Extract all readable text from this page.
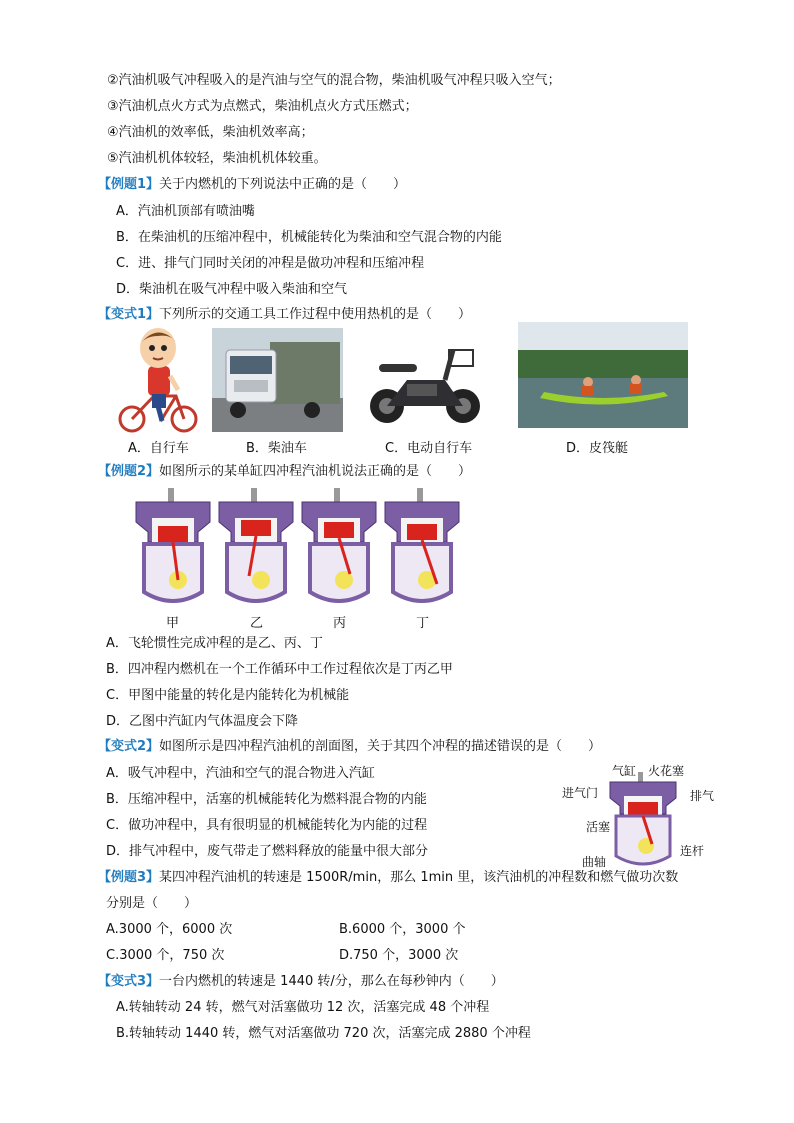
②汽油机吸气冲程吸入的是汽油与空气的混合物，柴油机吸气冲程只吸入空气；
③汽油机点火方式为点燃式，柴油机点火方式压燃式；
④汽油机的效率低，柴油机效率高；
⑤汽油机机体较轻，柴油机机体较重。
【例题1】关于内燃机的下列说法中正确的是（　　）
A．汽油机顶部有喷油嘴
B．在柴油机的压缩冲程中，机械能转化为柴油和空气混合物的内能
C．进、排气门同时关闭的冲程是做功冲程和压缩冲程
D．柴油机在吸气冲程中吸入柴油和空气
【变式1】下列所示的交通工具工作过程中使用热机的是（　　）
A．自行车	B．柴油车	C．电动自行车	D．皮筏艇
【例题2】如图所示的某单缸四冲程汽油机说法正确的是（　　）
甲	乙	丙	丁
A．飞轮惯性完成冲程的是乙、丙、丁
B．四冲程内燃机在一个工作循环中工作过程依次是丁丙乙甲
C．甲图中能量的转化是内能转化为机械能
D．乙图中汽缸内气体温度会下降
【变式2】如图所示是四冲程汽油机的剖面图，关于其四个冲程的描述错误的是（　　）
A．吸气冲程中，汽油和空气的混合物进入汽缸
B．压缩冲程中，活塞的机械能转化为燃料混合物的内能
C．做功冲程中，具有很明显的机械能转化为内能的过程
D．排气冲程中，废气带走了燃料释放的能量中很大部分
气缸 火花塞
进气门	排气
活塞
连杆
曲轴
【例题3】某四冲程汽油机的转速是 1500R/min，那么 1min 里，该汽油机的冲程数和燃气做功次数
分别是（　　）
A.3000 个，6000 次	B.6000 个，3000 个
C.3000 个，750 次	D.750 个，3000 次
【变式3】一台内燃机的转速是 1440 转/分，那么在每秒钟内（　　）
A.转轴转动 24 转，燃气对活塞做功 12 次，活塞完成 48 个冲程
B.转轴转动 1440 转，燃气对活塞做功 720 次，活塞完成 2880 个冲程
